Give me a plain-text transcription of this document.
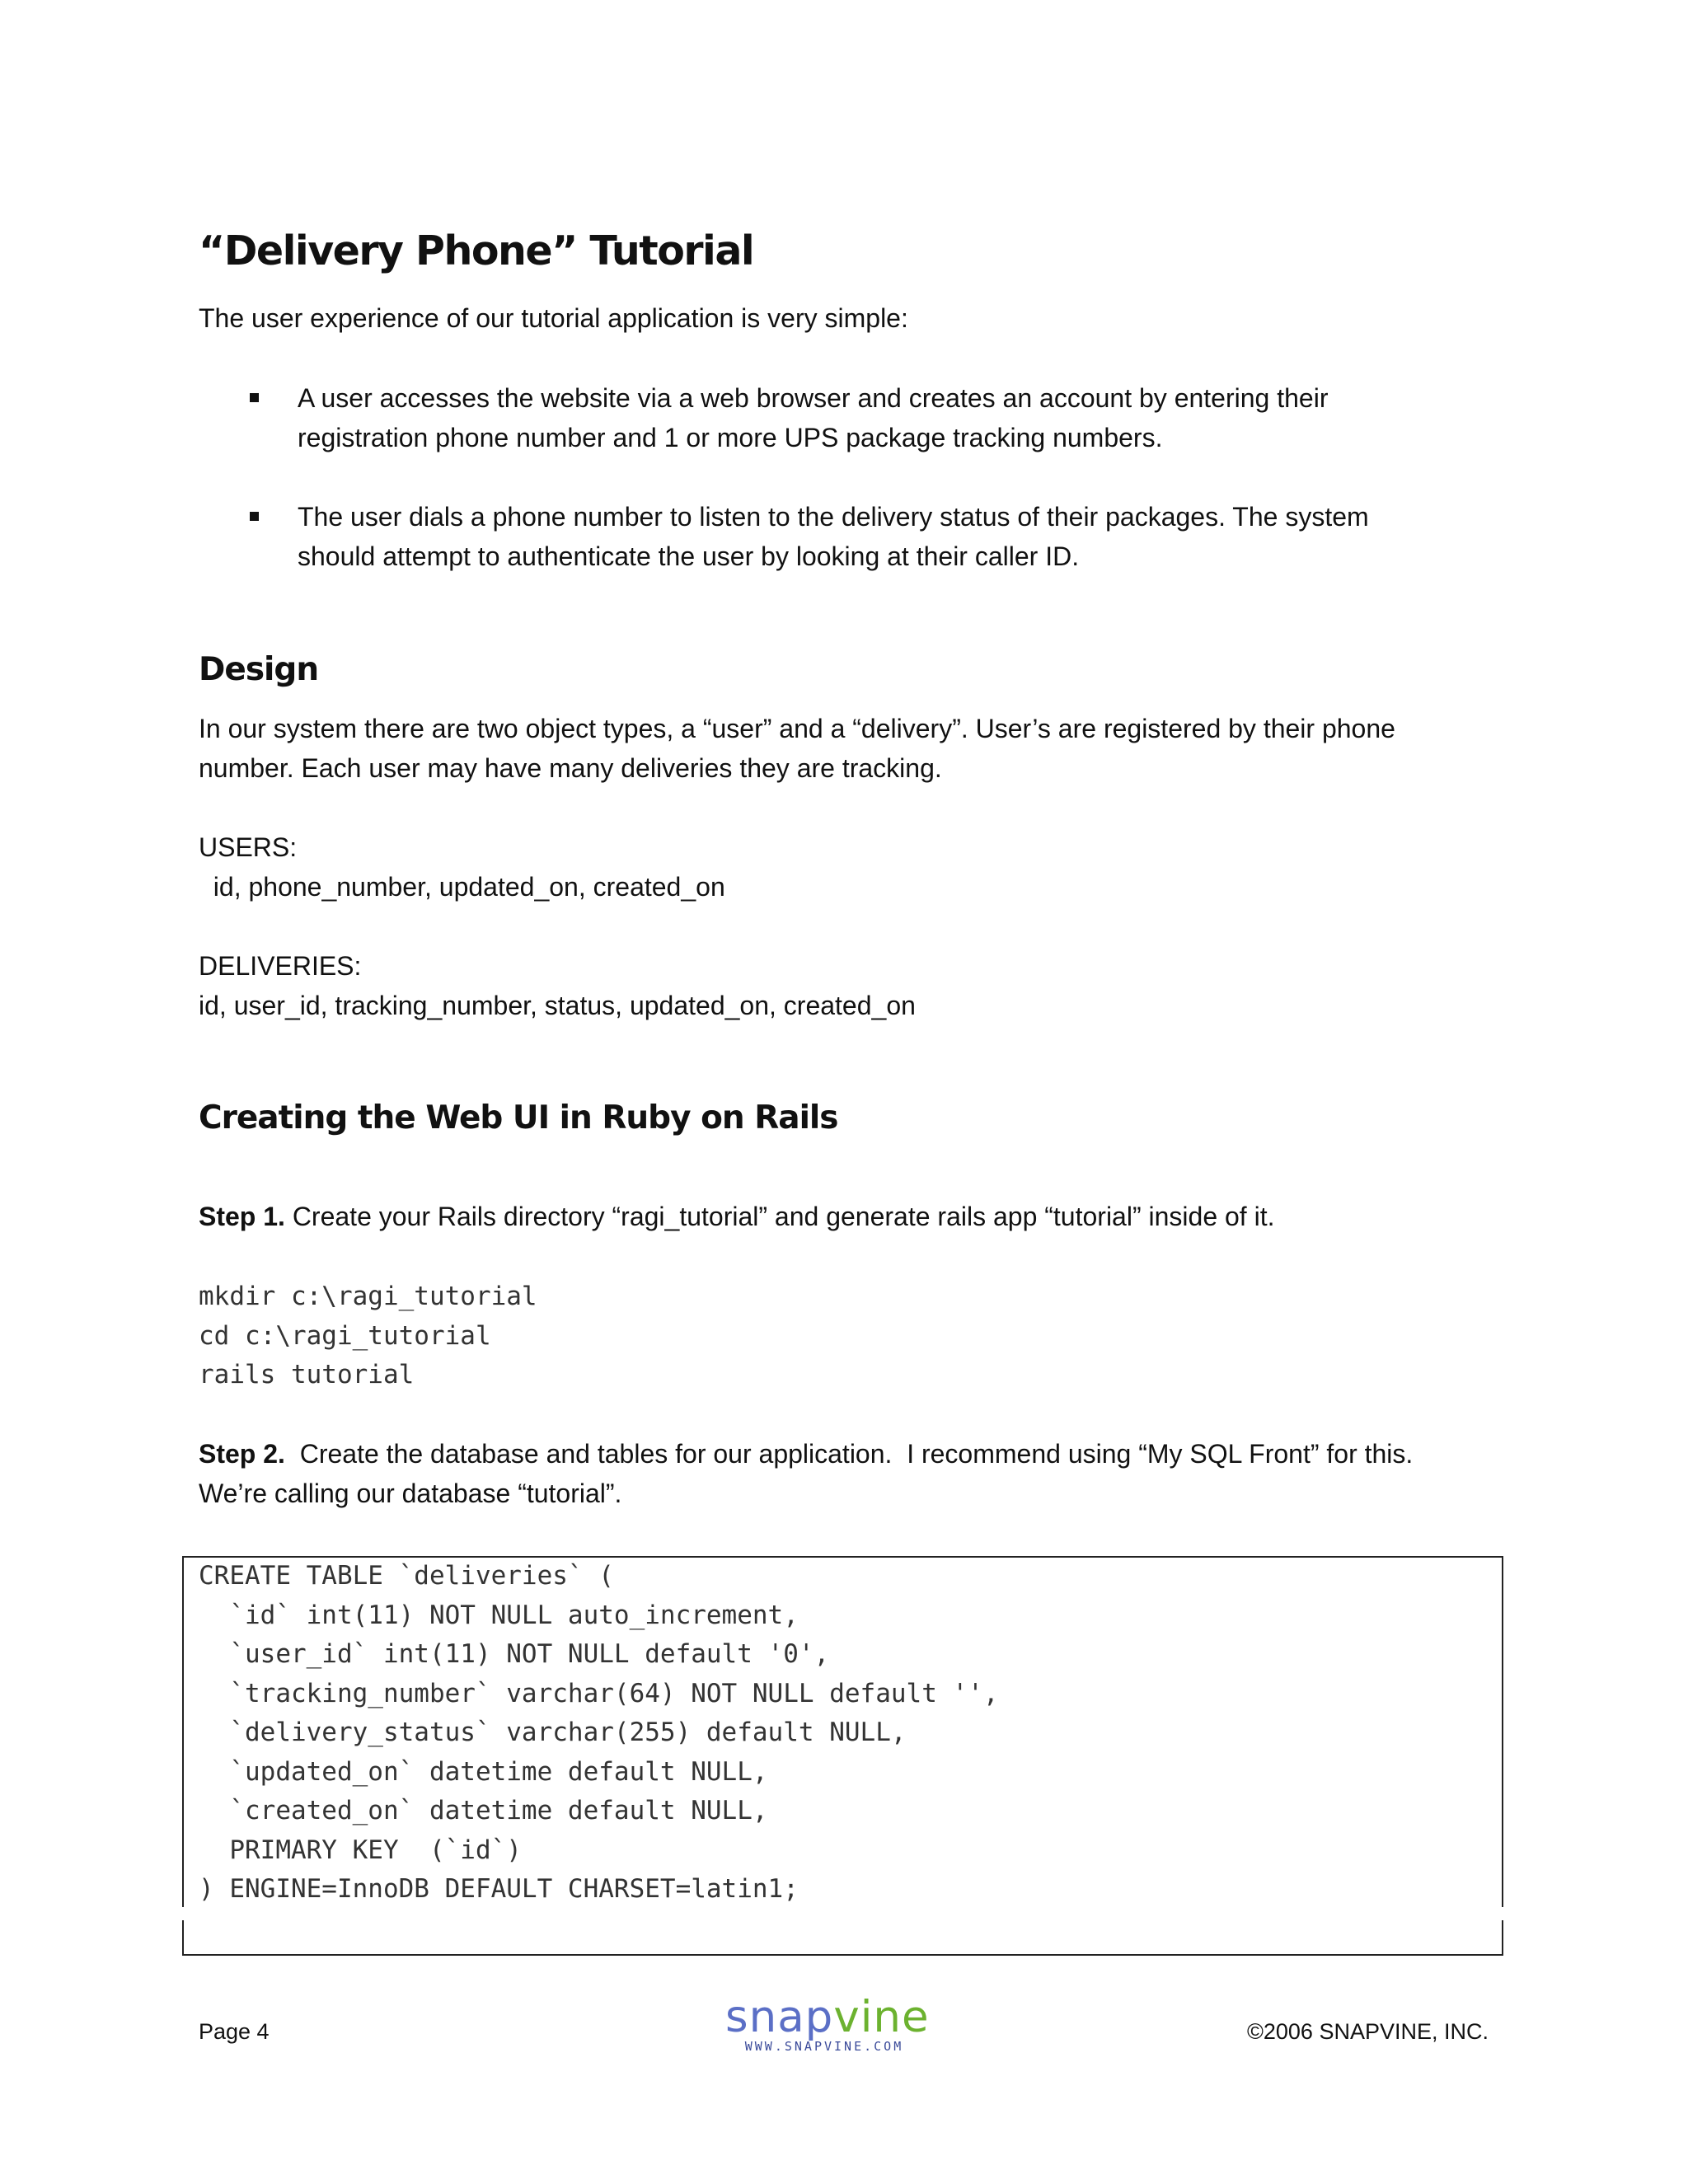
“Delivery Phone” Tutorial

The user experience of our tutorial application is very simple:

A user accesses the website via a web browser and creates an account by entering their
registration phone number and 1 or more UPS package tracking numbers.

The user dials a phone number to listen to the delivery status of their packages. The system
should attempt to authenticate the user by looking at their caller ID.

Design

In our system there are two object types, a “user” and a “delivery”. User’s are registered by their phone
number. Each user may have many deliveries they are tracking.

USERS:

id, phone_number, updated_on, created_on

DELIVERIES:

id, user_id, tracking_number, status, updated_on, created_on

Creating the Web UI in Ruby on Rails

Step 1. Create your Rails directory “ragi_tutorial” and generate rails app “tutorial” inside of it.

mkdir c:\ragi_tutorial
cd c:\ragi_tutorial
rails tutorial

Step 2.  Create the database and tables for our application.  I recommend using “My SQL Front” for this.
We’re calling our database “tutorial”.

CREATE TABLE `deliveries` (
`id` int(11) NOT NULL auto_increment,
`user_id` int(11) NOT NULL default '0',
`tracking_number` varchar(64) NOT NULL default '',
`delivery_status` varchar(255) default NULL,
`updated_on` datetime default NULL,
`created_on` datetime default NULL,
PRIMARY KEY  (`id`)
) ENGINE=InnoDB DEFAULT CHARSET=latin1;
Page 4	snapvine
WWW.SNAPVINE.COM
©2006 SNAPVINE, INC.
